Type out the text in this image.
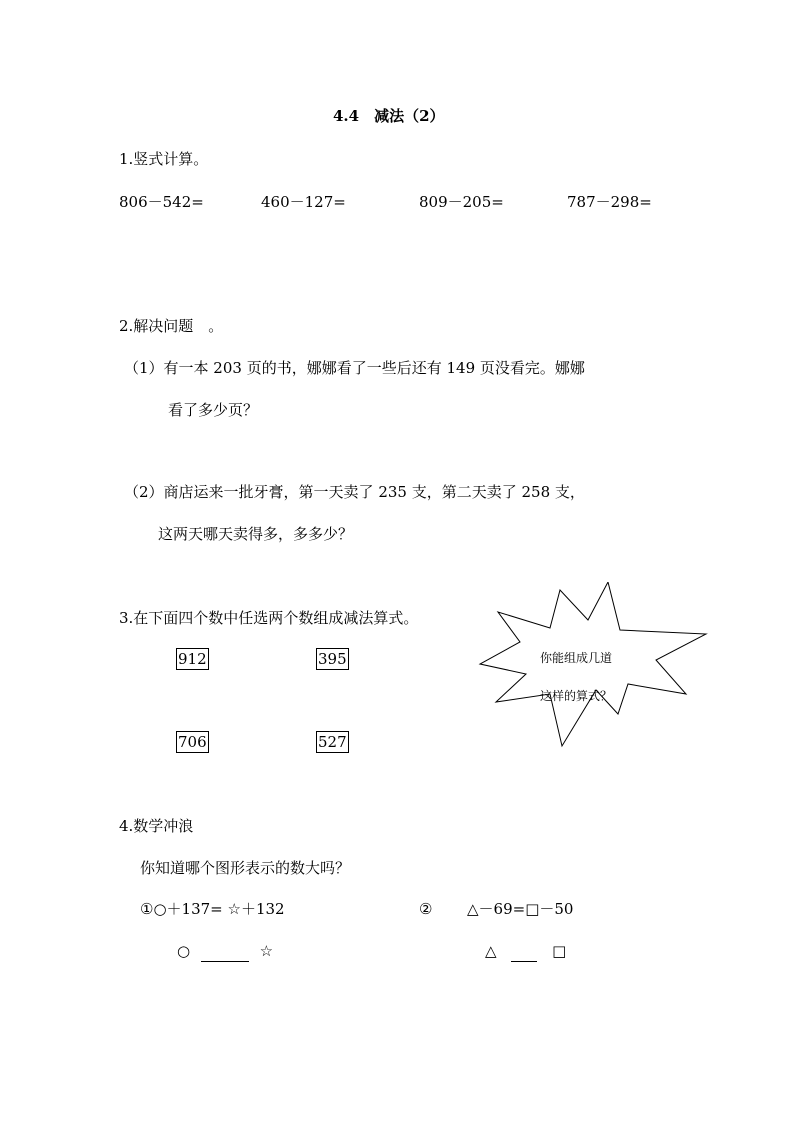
4.4　减法（2）
1.竖式计算。
806－542=	460－127=	809－205=	787－298=
2.解决问题　。
（1）有一本 203 页的书，娜娜看了一些后还有 149 页没看完。娜娜
看了多少页？
（2）商店运来一批牙膏，第一天卖了 235 支，第二天卖了 258 支，
这两天哪天卖得多，多多少？
3.在下面四个数中任选两个数组成减法算式。
912	395
706	527
你能组成几道
这样的算式？
4.数学冲浪
你知道哪个图形表示的数大吗？
①○＋137= ☆＋132	② △－69=□－50
○	☆	△	□
